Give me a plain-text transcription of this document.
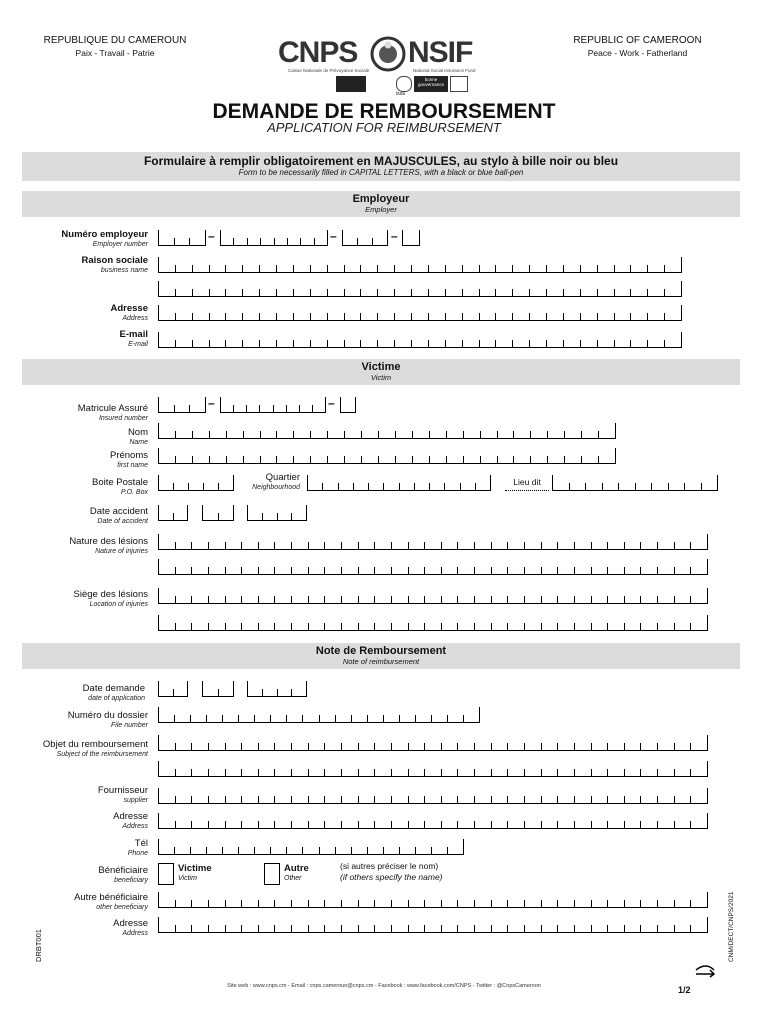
REPUBLIQUE DU CAMEROUN
Paix - Travail - Patrie
REPUBLIC OF CAMEROON
Peace - Work - Fatherland
CNPS NSIF
Caisse Nationale de Prévoyance Sociale	National Social Insurance Fund
issa
bonne gouvernance
DEMANDE DE REMBOURSEMENT
APPLICATION FOR REIMBURSEMENT
Formulaire à remplir obligatoirement en MAJUSCULES, au stylo à bille noir ou bleu
Form to be necessarily filled in CAPITAL LETTERS, with a black or blue ball-pen
Employeur
Employer
Numéro employeur
Employer number
–	–	–
Raison sociale
business name
Adresse
Address
E-mail
E-mail
Victime
Victim
Matricule Assuré
Insured number
–	–
Nom
Name
Prénoms
first name
Boite Postale
P.O. Box
Quartier
Neighbourhood
Lieu dit
Date accident
Date of accident
Nature des lésions
Nature of injuries
Siège des lésions
Location of injuries
Note de Remboursement
Note of reimbursement
Date demande
date of application
Numéro du dossier
File number
Objet du remboursement
Subject of the reimbursement
Fournisseur
supplier
Adresse
Address
Tél
Phone
Bénéficiaire
beneficiary
Victime
Victim
Autre
Other
(si autres préciser le nom)
(if others specify the name)
Autre bénéficiaire
other beneficiary
Adresse
Address
DRBT001	CNM/DECT/CNPS/2021
1/2
Site web : www.cnps.cm - Email : cnps.cameroun@cnps.cm - Facebook : www.facebook.com/CNPS - Twitter : @CnpsCameroon
